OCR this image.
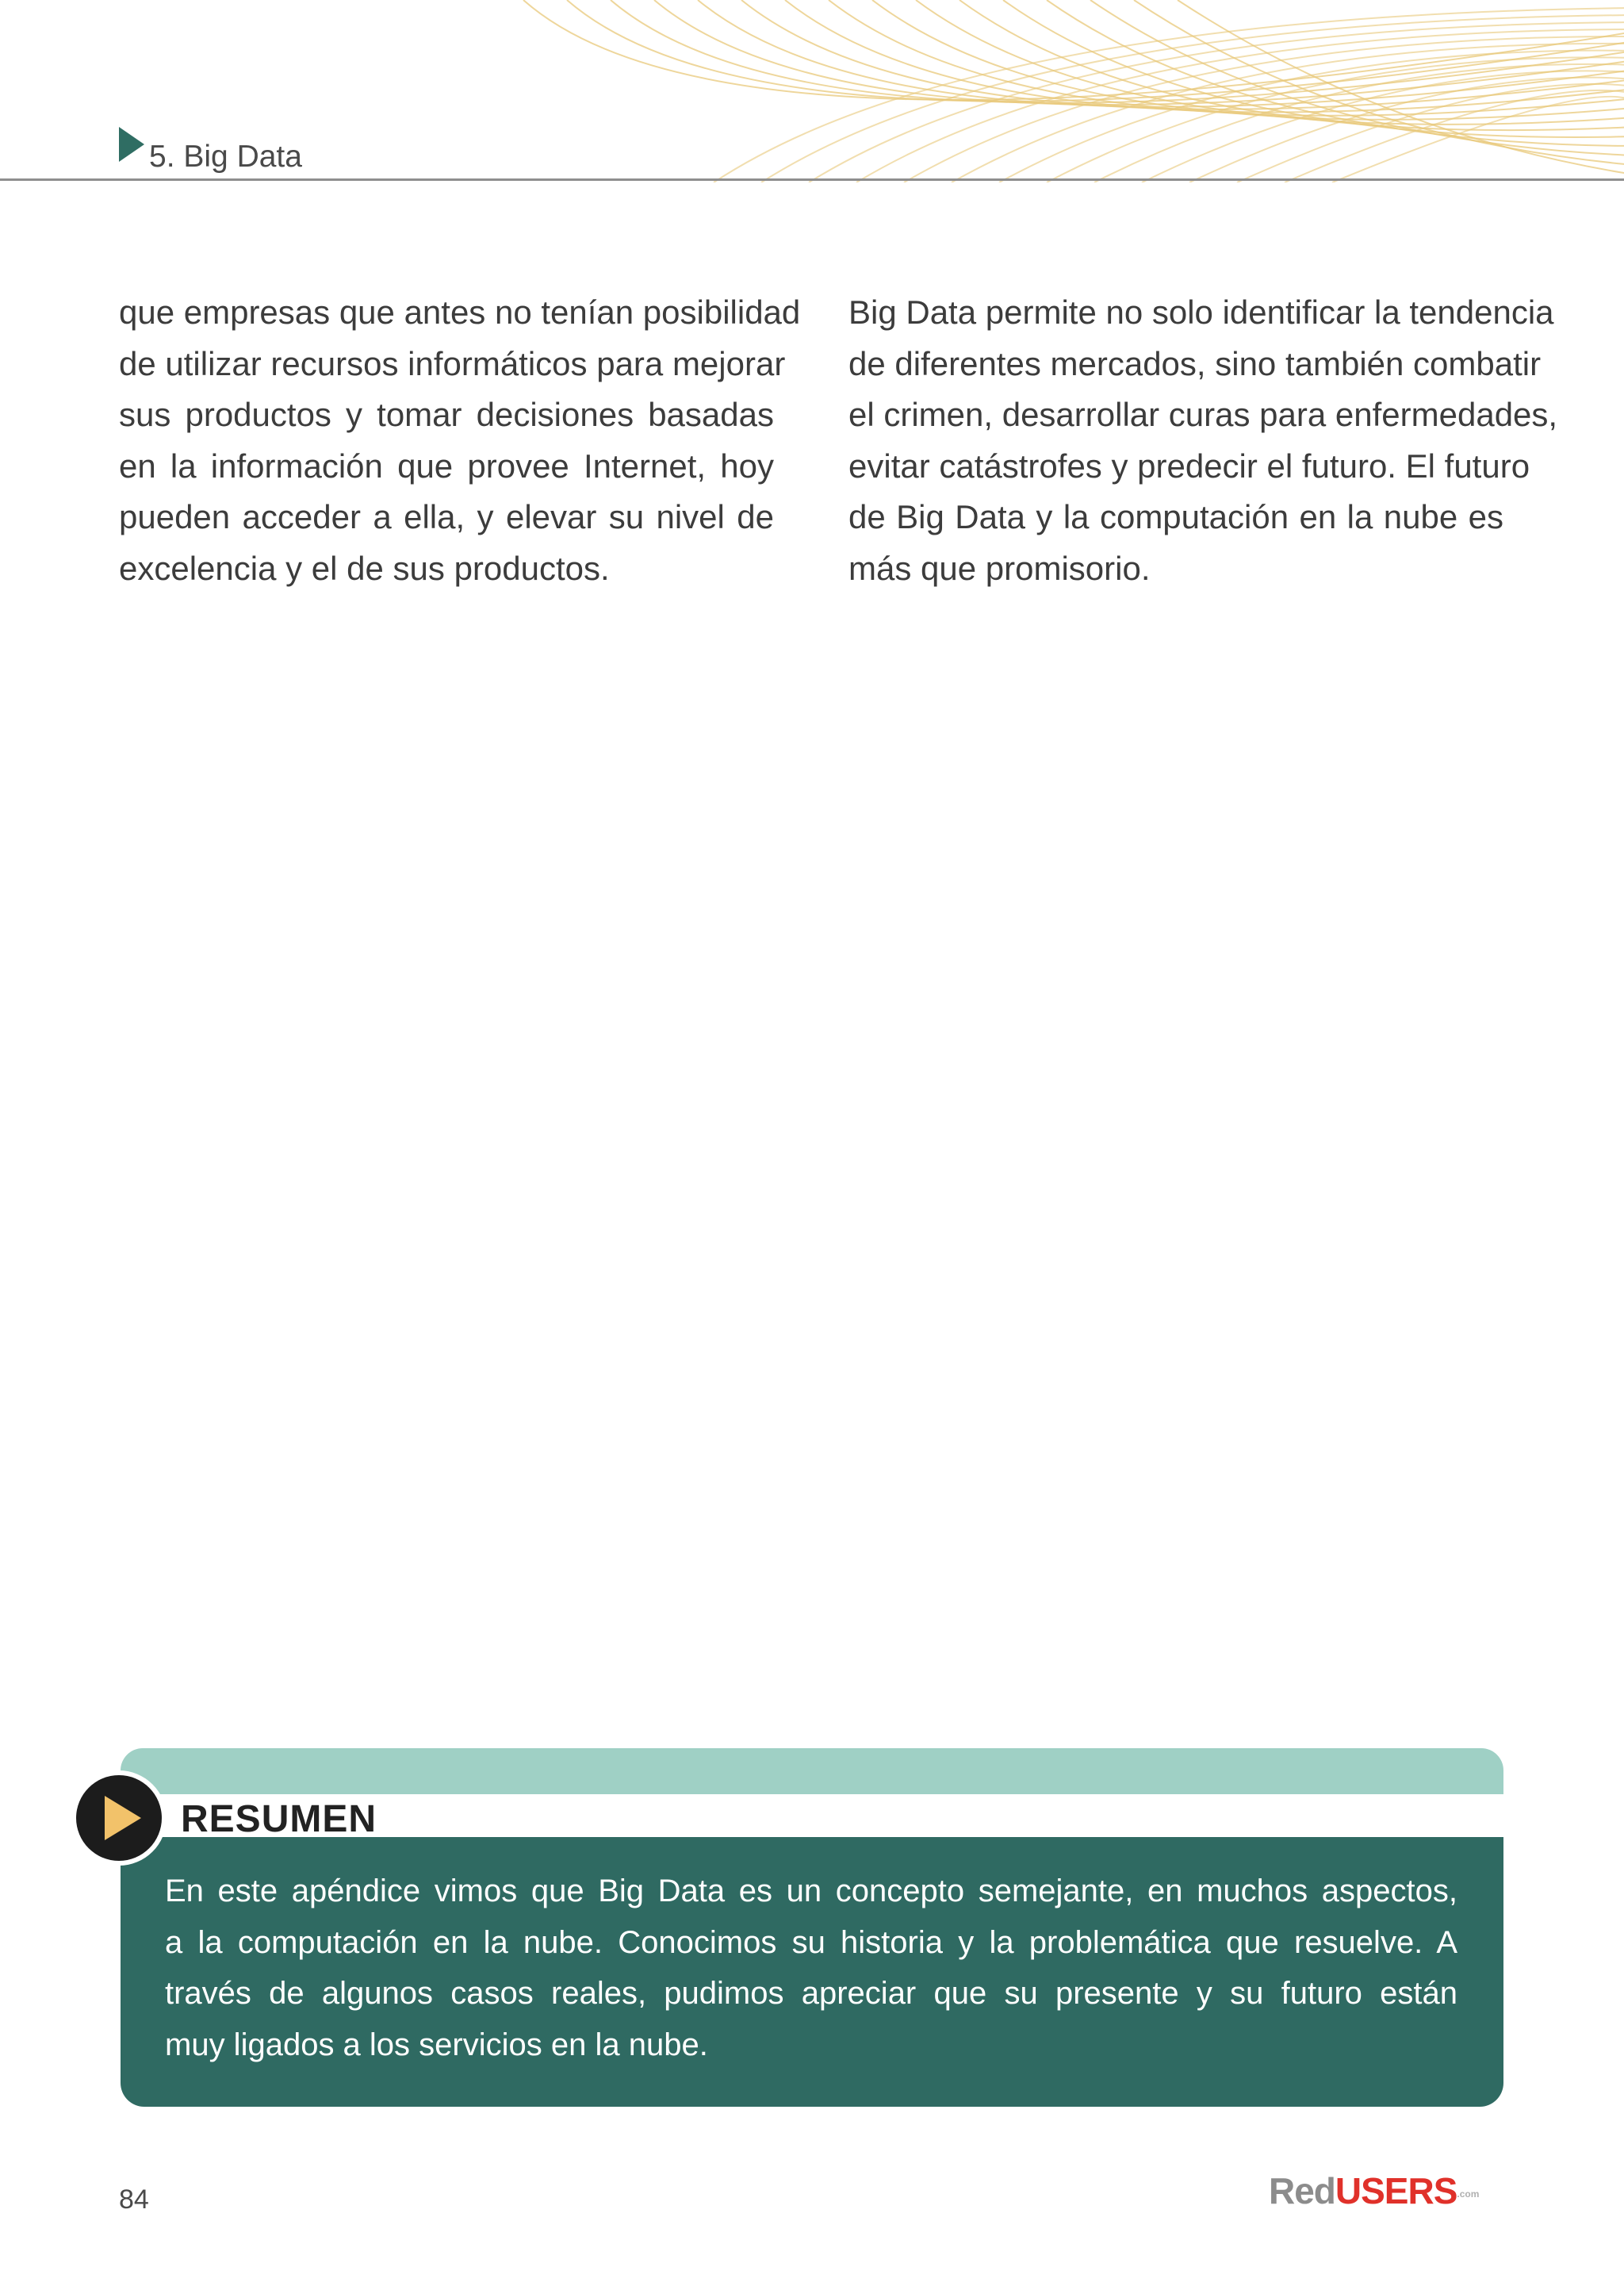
5. Big Data
que empresas que antes no tenían posibilidad
de utilizar recursos informáticos para mejorar
sus productos y tomar decisiones basadas
en la información que provee Internet, hoy
pueden acceder a ella, y elevar su nivel de
excelencia y el de sus productos.
Big Data permite no solo identificar la tendencia
de diferentes mercados, sino también combatir
el crimen, desarrollar curas para enfermedades,
evitar catástrofes y predecir el futuro. El futuro
de Big Data y la computación en la nube es
más que promisorio.
RESUMEN
En este apéndice vimos que Big Data es un concepto semejante, en muchos aspectos,
a la computación en la nube. Conocimos su historia y la problemática que resuelve. A
través de algunos casos reales, pudimos apreciar que su presente y su futuro están
muy ligados a los servicios en la nube.
84	RedUSERS.com
